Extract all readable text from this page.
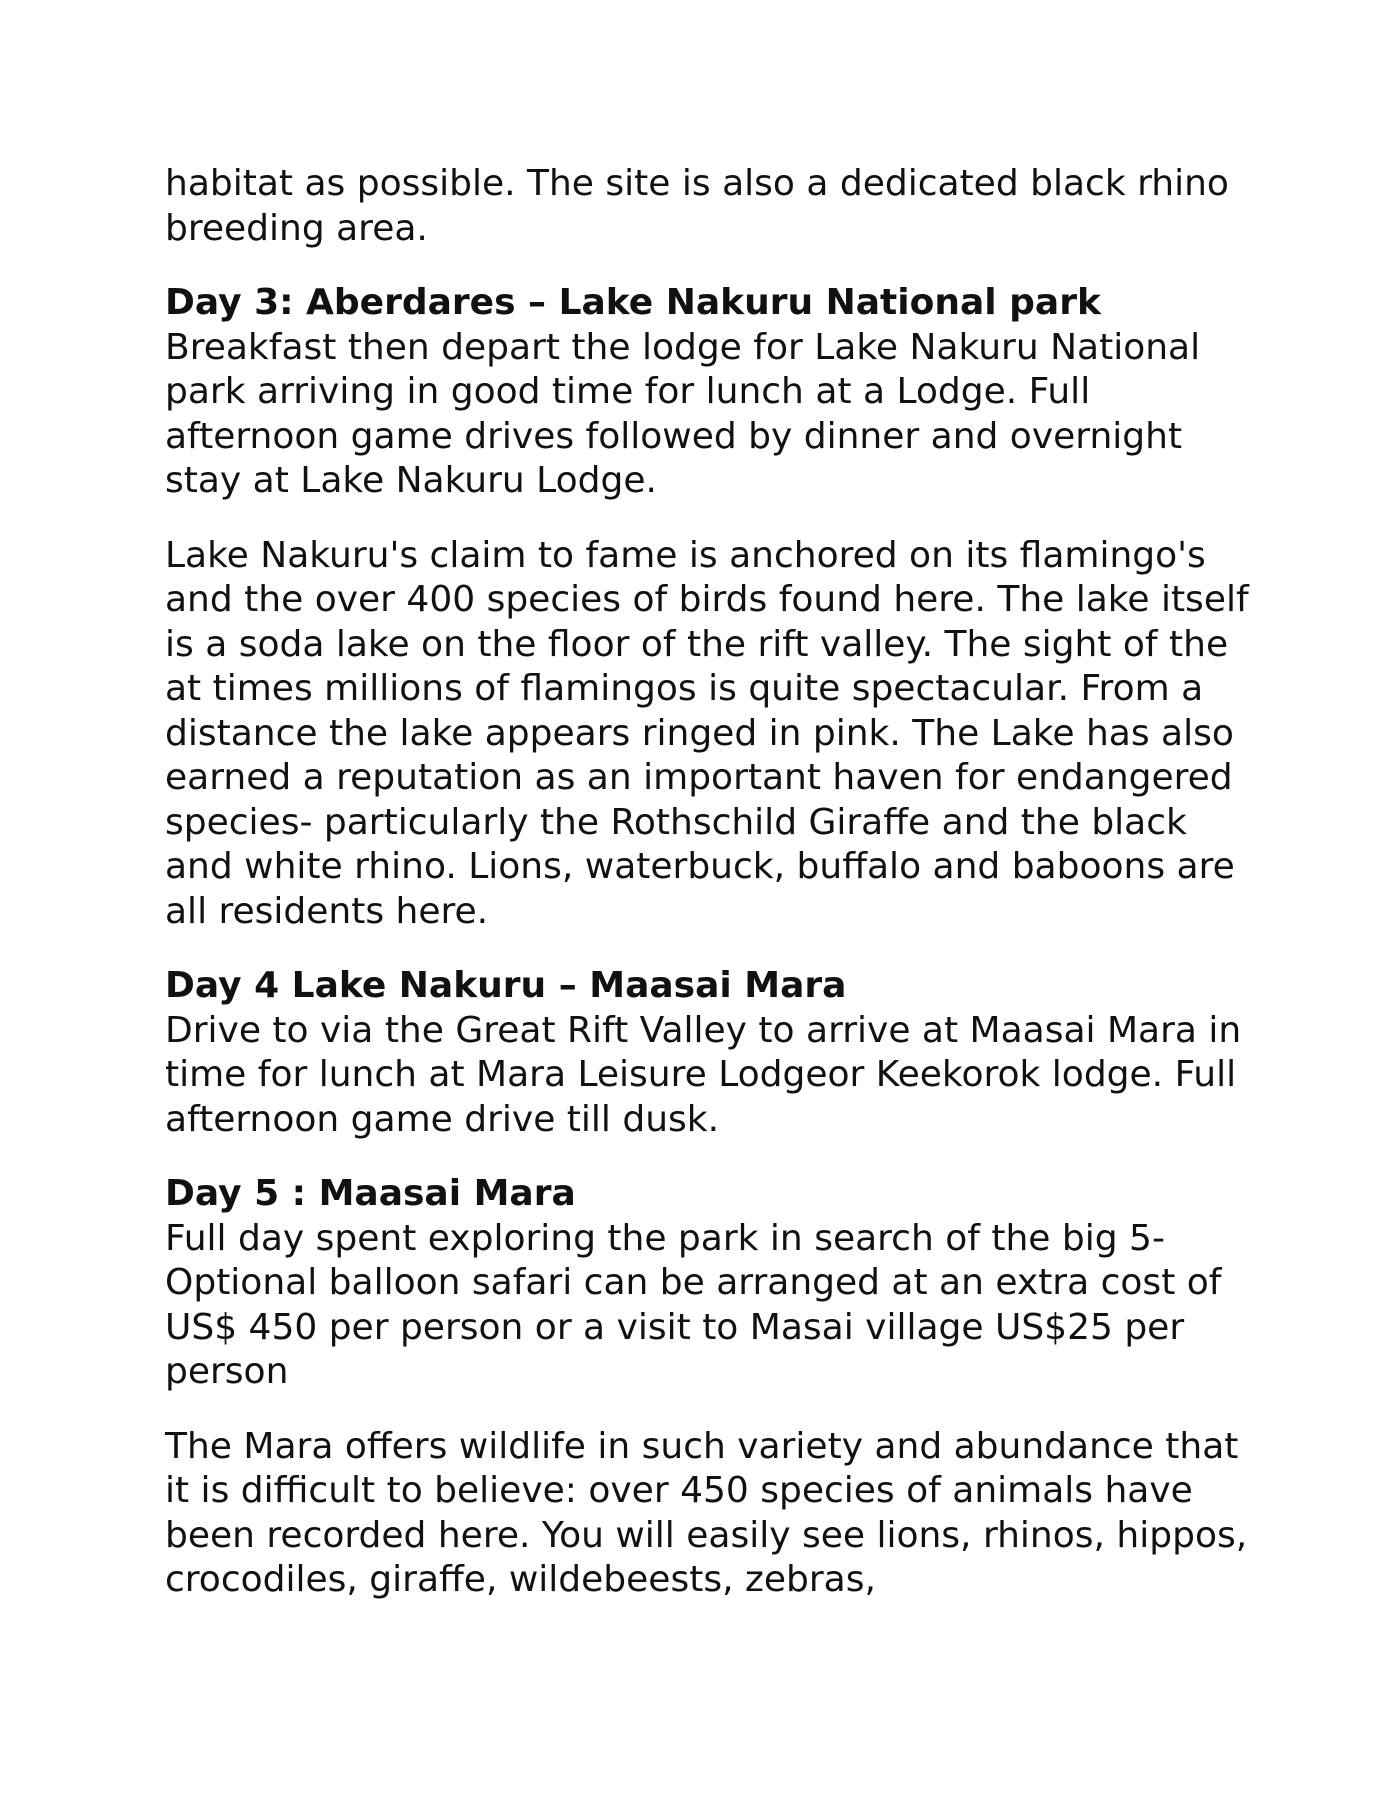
habitat as possible. The site is also a dedicated black rhino breeding area.

Day 3: Aberdares – Lake Nakuru National park

Breakfast then depart the lodge for Lake Nakuru National park arriving in good time for lunch at a Lodge. Full afternoon game drives followed by dinner and overnight stay at Lake Nakuru Lodge.

Lake Nakuru's claim to fame is anchored on its flamingo's and the over 400 species of birds found here. The lake itself is a soda lake on the floor of the rift valley. The sight of the at times millions of flamingos is quite spectacular. From a distance the lake appears ringed in pink. The Lake has also earned a reputation as an important haven for endangered species- particularly the Rothschild Giraffe and the black and white rhino. Lions, waterbuck, buffalo and baboons are all residents here.

Day 4 Lake Nakuru – Maasai Mara

Drive to via the Great Rift Valley to arrive at Maasai Mara in time for lunch at Mara Leisure Lodgeor Keekorok lodge. Full afternoon game drive till dusk.

Day 5 : Maasai Mara

Full day spent exploring the park in search of the big 5- Optional balloon safari can be arranged at an extra cost of US$ 450 per person or a visit to Masai village US$25 per person

The Mara offers wildlife in such variety and abundance that it is difficult to believe: over 450 species of animals have been recorded here. You will easily see lions, rhinos, hippos, crocodiles, giraffe, wildebeests, zebras,
